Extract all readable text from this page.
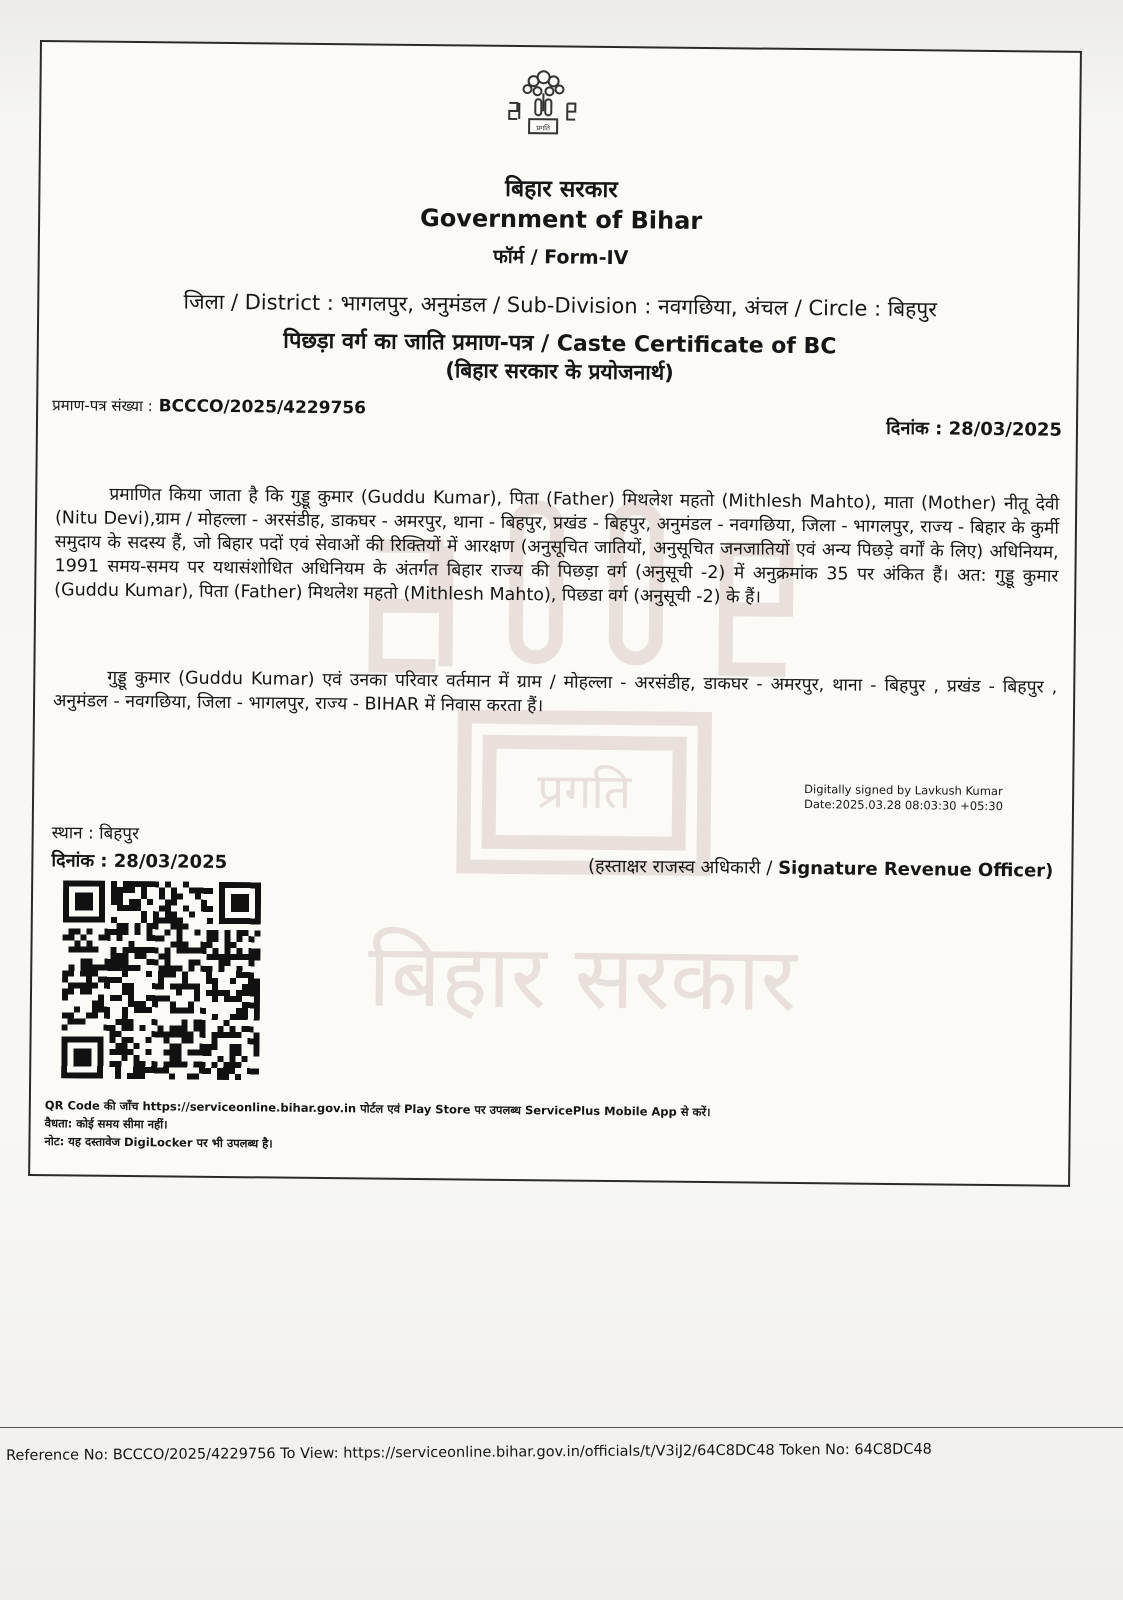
प्रगति
बिहार सरकार
प्रगति
बिहार सरकार
Government of Bihar
फॉर्म / Form-IV
जिला / District : भागलपुर, अनुमंडल / Sub-Division : नवगछिया, अंचल / Circle : बिहपुर
पिछड़ा वर्ग का जाति प्रमाण-पत्र / Caste Certificate of BC
(बिहार सरकार के प्रयोजनार्थ)
प्रमाण-पत्र संख्या : BCCCO/2025/4229756
दिनांक : 28/03/2025
प्रमाणित किया जाता है कि गुड्डू कुमार (Guddu Kumar), पिता (Father) मिथलेश महतो (Mithlesh Mahto), माता (Mother) नीतू देवी (Nitu Devi),ग्राम / मोहल्ला - अरसंडीह, डाकघर - अमरपुर, थाना - बिहपुर, प्रखंड - बिहपुर, अनुमंडल - नवगछिया, जिला - भागलपुर, राज्य - बिहार के कुर्मी समुदाय के सदस्य हैं, जो बिहार पदों एवं सेवाओं की रिक्तियों में आरक्षण (अनुसूचित जातियों, अनुसूचित जनजातियों एवं अन्य पिछड़े वर्गों के लिए) अधिनियम, 1991 समय-समय पर यथासंशोधित अधिनियम के अंतर्गत बिहार राज्य की पिछड़ा वर्ग (अनुसूची -2) में अनुक्रमांक 35 पर अंकित हैं। अत: गुड्डू कुमार (Guddu Kumar), पिता (Father) मिथलेश महतो (Mithlesh Mahto), पिछडा वर्ग (अनुसूची -2) के हैं।
गुड्डू कुमार (Guddu Kumar) एवं उनका परिवार वर्तमान में ग्राम / मोहल्ला - अरसंडीह, डाकघर - अमरपुर, थाना - बिहपुर , प्रखंड - बिहपुर , अनुमंडल - नवगछिया, जिला - भागलपुर, राज्य - BIHAR में निवास करता हैं।
Digitally signed by Lavkush Kumar
Date:2025.03.28 08:03:30 +05:30
स्थान : बिहपुर
दिनांक : 28/03/2025	(हस्ताक्षर राजस्व अधिकारी / Signature Revenue Officer)
QR Code की जाँच https://serviceonline.bihar.gov.in पोर्टल एवं Play Store पर उपलब्ध ServicePlus Mobile App से करें।
वैधता: कोई समय सीमा नहीं।
नोट: यह दस्तावेज DigiLocker पर भी उपलब्ध है।
Reference No: BCCCO/2025/4229756 To View: https://serviceonline.bihar.gov.in/officials/t/V3iJ2/64C8DC48 Token No: 64C8DC48
